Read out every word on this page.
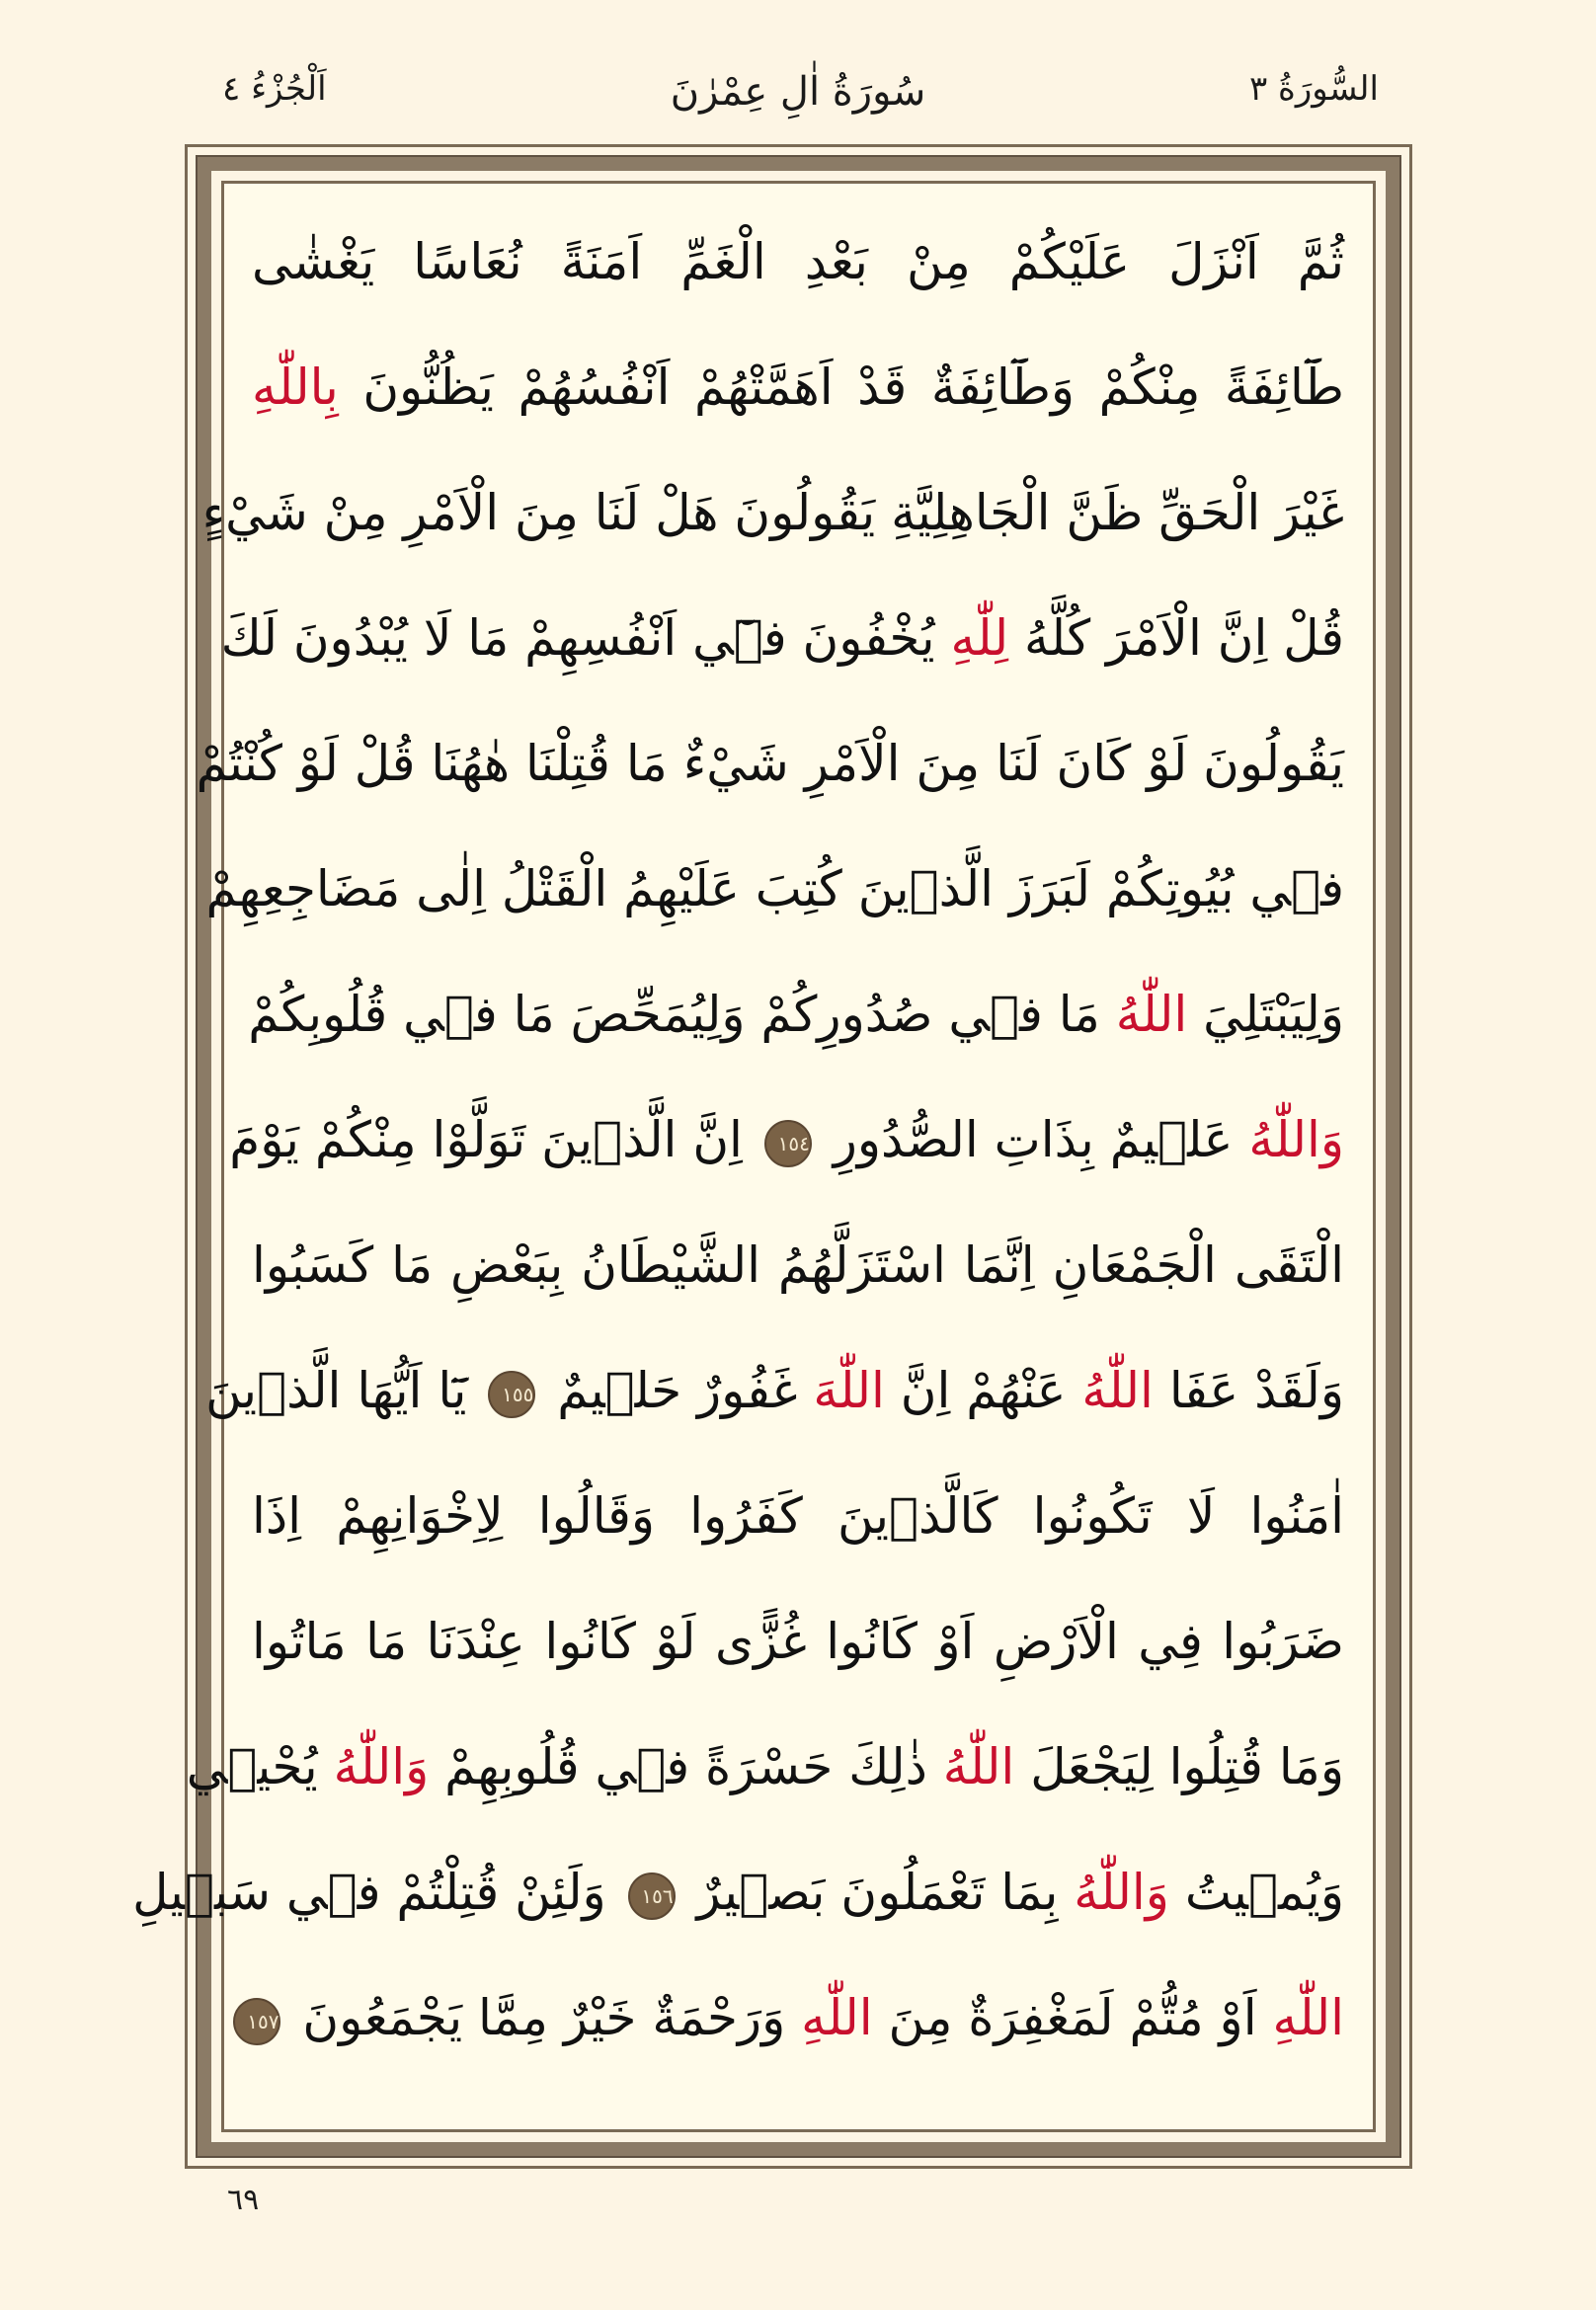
السُّورَةُ ٣
سُورَةُ اٰلِ عِمْرٰنَ
اَلْجُزْءُ ٤
ثُمَّ اَنْزَلَ عَلَيْكُمْ مِنْ بَعْدِ الْغَمِّ اَمَنَةً نُعَاسًا يَغْشٰى
طَٓائِفَةً مِنْكُمْ وَطَٓائِفَةٌ قَدْ اَهَمَّتْهُمْ اَنْفُسُهُمْ يَظُنُّونَ بِاللّٰهِ
غَيْرَ الْحَقِّ ظَنَّ الْجَاهِلِيَّةِ يَقُولُونَ هَلْ لَنَا مِنَ الْاَمْرِ مِنْ شَيْءٍ
قُلْ اِنَّ الْاَمْرَ كُلَّهُ لِلّٰهِ يُخْفُونَ فٖٓي اَنْفُسِهِمْ مَا لَا يُبْدُونَ لَكَ
يَقُولُونَ لَوْ كَانَ لَنَا مِنَ الْاَمْرِ شَيْءٌ مَا قُتِلْنَا هٰهُنَا قُلْ لَوْ كُنْتُمْ
فٖي بُيُوتِكُمْ لَبَرَزَ الَّذٖينَ كُتِبَ عَلَيْهِمُ الْقَتْلُ اِلٰى مَضَاجِعِهِمْ
وَلِيَبْتَلِيَ اللّٰهُ مَا فٖي صُدُورِكُمْ وَلِيُمَحِّصَ مَا فٖي قُلُوبِكُمْ
وَاللّٰهُ عَلٖيمٌ بِذَاتِ الصُّدُورِ ١٥٤ اِنَّ الَّذٖينَ تَوَلَّوْا مِنْكُمْ يَوْمَ
الْتَقَى الْجَمْعَانِ اِنَّمَا اسْتَزَلَّهُمُ الشَّيْطَانُ بِبَعْضِ مَا كَسَبُوا
وَلَقَدْ عَفَا اللّٰهُ عَنْهُمْ اِنَّ اللّٰهَ غَفُورٌ حَلٖيمٌ ١٥٥ يَٓا اَيُّهَا الَّذٖينَ
اٰمَنُوا لَا تَكُونُوا كَالَّذٖينَ كَفَرُوا وَقَالُوا لِاِخْوَانِهِمْ اِذَا
ضَرَبُوا فِي الْاَرْضِ اَوْ كَانُوا غُزًّى لَوْ كَانُوا عِنْدَنَا مَا مَاتُوا
وَمَا قُتِلُوا لِيَجْعَلَ اللّٰهُ ذٰلِكَ حَسْرَةً فٖي قُلُوبِهِمْ وَاللّٰهُ يُحْيٖي
وَيُمٖيتُ وَاللّٰهُ بِمَا تَعْمَلُونَ بَصٖيرٌ ١٥٦ وَلَئِنْ قُتِلْتُمْ فٖي سَبٖيلِ
اللّٰهِ اَوْ مُتُّمْ لَمَغْفِرَةٌ مِنَ اللّٰهِ وَرَحْمَةٌ خَيْرٌ مِمَّا يَجْمَعُونَ ١٥٧
٦٩
